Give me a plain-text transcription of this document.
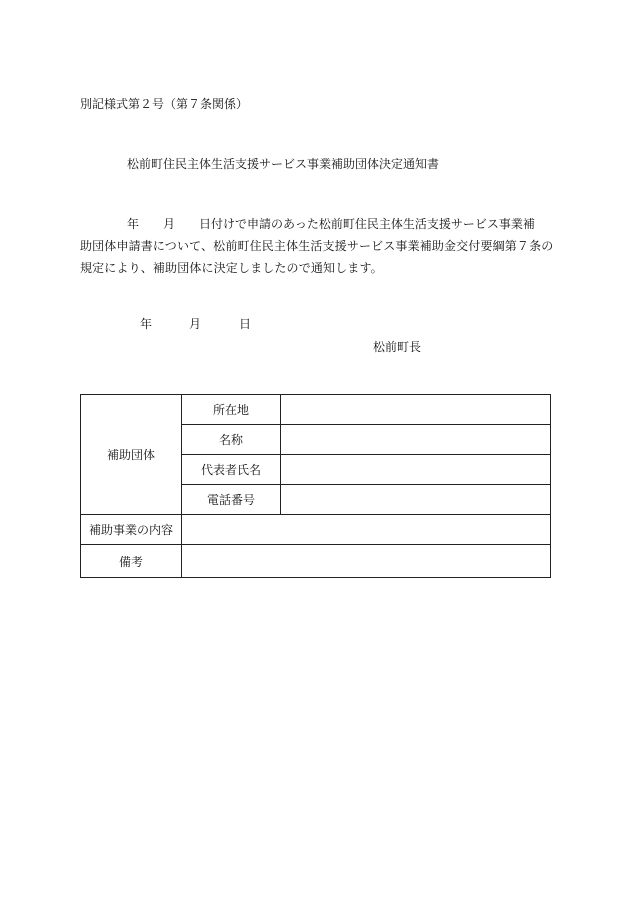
別記様式第２号（第７条関係）
松前町住民主体生活支援サービス事業補助団体決定通知書
年　　月　　日付けで申請のあった松前町住民主体生活支援サービス事業補
助団体申請書について、松前町住民主体生活支援サービス事業補助金交付要綱第７条の
規定により、補助団体に決定しましたので通知します。
年	月	日
松前町長
補助団体	所在地	
	名称	
	代表者氏名	
	電話番号	
補助事業の内容		
備考		
